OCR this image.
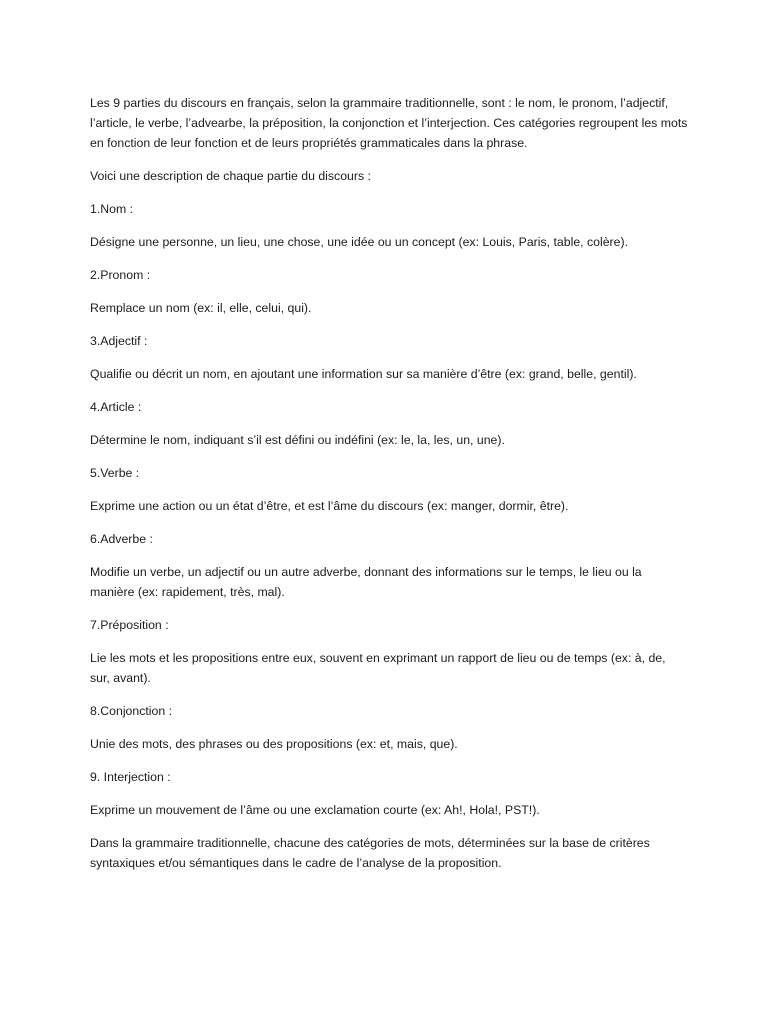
Les 9 parties du discours en français, selon la grammaire traditionnelle, sont : le nom, le pronom, l’adjectif, l’article, le verbe, l’advearbe, la préposition, la conjonction et l’interjection. Ces catégories regroupent les mots en fonction de leur fonction et de leurs propriétés grammaticales dans la phrase.

Voici une description de chaque partie du discours :

1.Nom :

Désigne une personne, un lieu, une chose, une idée ou un concept (ex: Louis, Paris, table, colère).

2.Pronom :

Remplace un nom (ex: il, elle, celui, qui).

3.Adjectif :

Qualifie ou décrit un nom, en ajoutant une information sur sa manière d’être (ex: grand, belle, gentil).

4.Article :

Détermine le nom, indiquant s’il est défini ou indéfini (ex: le, la, les, un, une).

5.Verbe :

Exprime une action ou un état d’être, et est l’âme du discours (ex: manger, dormir, être).

6.Adverbe :

Modifie un verbe, un adjectif ou un autre adverbe, donnant des informations sur le temps, le lieu ou la manière (ex: rapidement, très, mal).

7.Préposition :

Lie les mots et les propositions entre eux, souvent en exprimant un rapport de lieu ou de temps (ex: à, de, sur, avant).

8.Conjonction :

Unie des mots, des phrases ou des propositions (ex: et, mais, que).

9. Interjection :

Exprime un mouvement de l’âme ou une exclamation courte (ex: Ah!, Hola!, PST!).

Dans la grammaire traditionnelle, chacune des catégories de mots, déterminées sur la base de critères syntaxiques et/ou sémantiques dans le cadre de l’analyse de la proposition.
